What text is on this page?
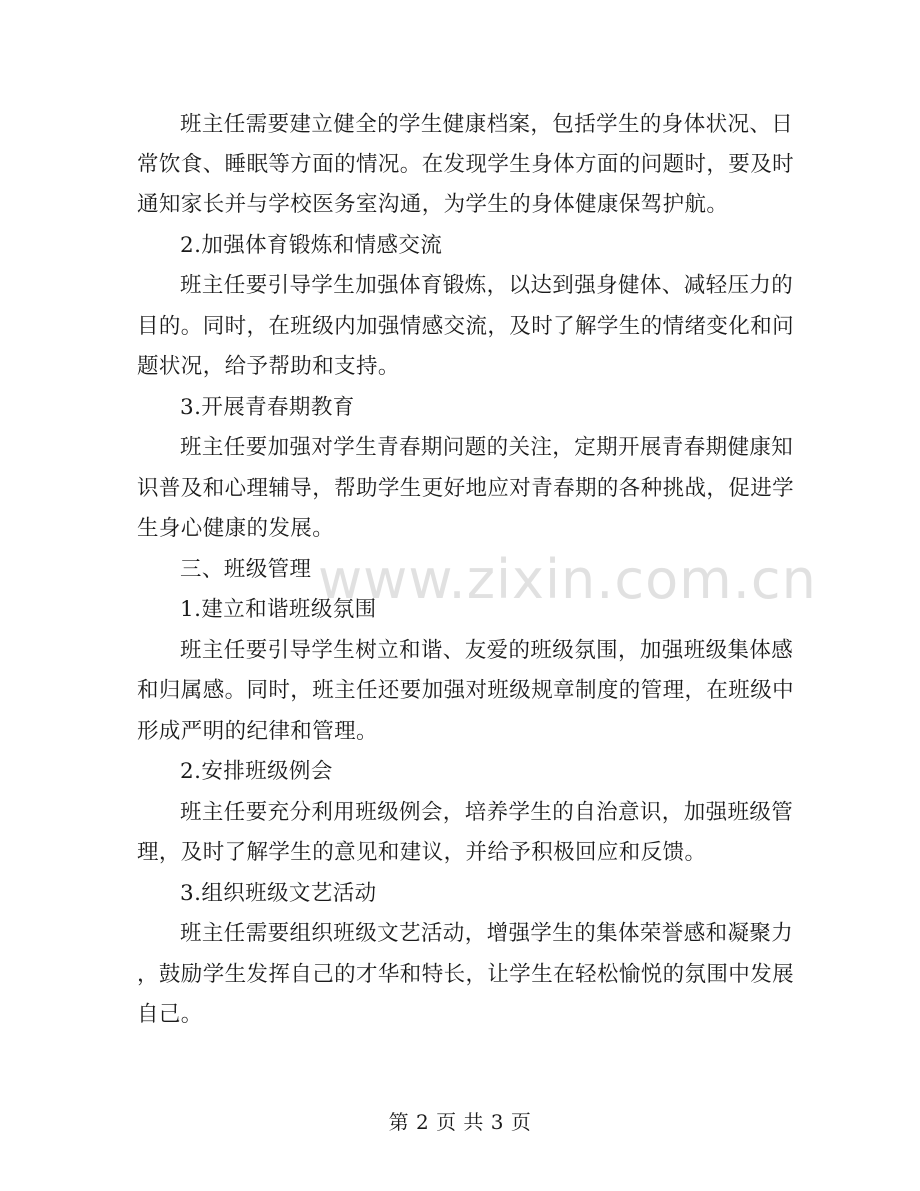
班主任需要建立健全的学生健康档案，包括学生的身体状况、日
常饮食、睡眠等方面的情况。在发现学生身体方面的问题时，要及时
通知家长并与学校医务室沟通，为学生的身体健康保驾护航。
2.加强体育锻炼和情感交流
班主任要引导学生加强体育锻炼，以达到强身健体、减轻压力的
目的。同时，在班级内加强情感交流，及时了解学生的情绪变化和问
题状况，给予帮助和支持。
3.开展青春期教育
班主任要加强对学生青春期问题的关注，定期开展青春期健康知
识普及和心理辅导，帮助学生更好地应对青春期的各种挑战，促进学
生身心健康的发展。
三、班级管理
1.建立和谐班级氛围
班主任要引导学生树立和谐、友爱的班级氛围，加强班级集体感
和归属感。同时，班主任还要加强对班级规章制度的管理，在班级中
形成严明的纪律和管理。
2.安排班级例会
班主任要充分利用班级例会，培养学生的自治意识，加强班级管
理，及时了解学生的意见和建议，并给予积极回应和反馈。
3.组织班级文艺活动
班主任需要组织班级文艺活动，增强学生的集体荣誉感和凝聚力
，鼓励学生发挥自己的才华和特长，让学生在轻松愉悦的氛围中发展
自己。
www.zixin.com.cn
第 2 页 共 3 页
